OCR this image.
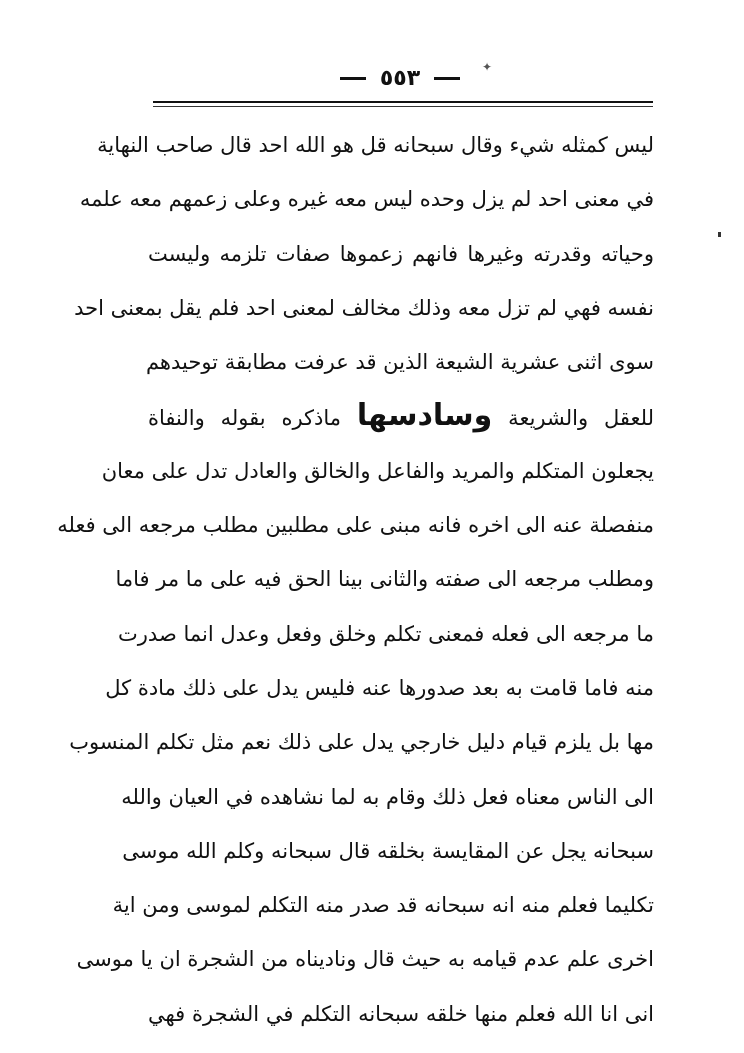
٥٥٣	✦
ليس كمثله شيء وقال سبحانه قل هو الله احد قال صاحب النهاية
في معنى احد لم يزل وحده ليس معه غيره وعلى زعمهم معه علمه
وحياته وقدرته وغيرها فانهم زعموها صفات تلزمه وليست
نفسه فهي لم تزل معه وذلك مخالف لمعنى احد فلم يقل بمعنى احد
سوى اثنى عشرية الشيعة الذين قد عرفت مطابقة توحيدهم
للعقل والشريعة وسادسها ماذكره بقوله والنفاة
يجعلون المتكلم والمريد والفاعل والخالق والعادل تدل على معان
منفصلة عنه الى اخره فانه مبنى على مطلبين مطلب مرجعه الى فعله
ومطلب مرجعه الى صفته والثانى بينا الحق فيه على ما مر فاما
ما مرجعه الى فعله فمعنى تكلم وخلق وفعل وعدل انما صدرت
منه فاما قامت به بعد صدورها عنه فليس يدل على ذلك مادة كل
مها بل يلزم قيام دليل خارجي يدل على ذلك نعم مثل تكلم المنسوب
الى الناس معناه فعل ذلك وقام به لما نشاهده في العيان والله
سبحانه يجل عن المقايسة بخلقه قال سبحانه وكلم الله موسى
تكليما فعلم منه انه سبحانه قد صدر منه التكلم لموسى ومن اية
اخرى علم عدم قيامه به حيث قال وناديناه من الشجرة ان يا موسى
انى انا الله فعلم منها خلقه سبحانه التكلم في الشجرة فهي
